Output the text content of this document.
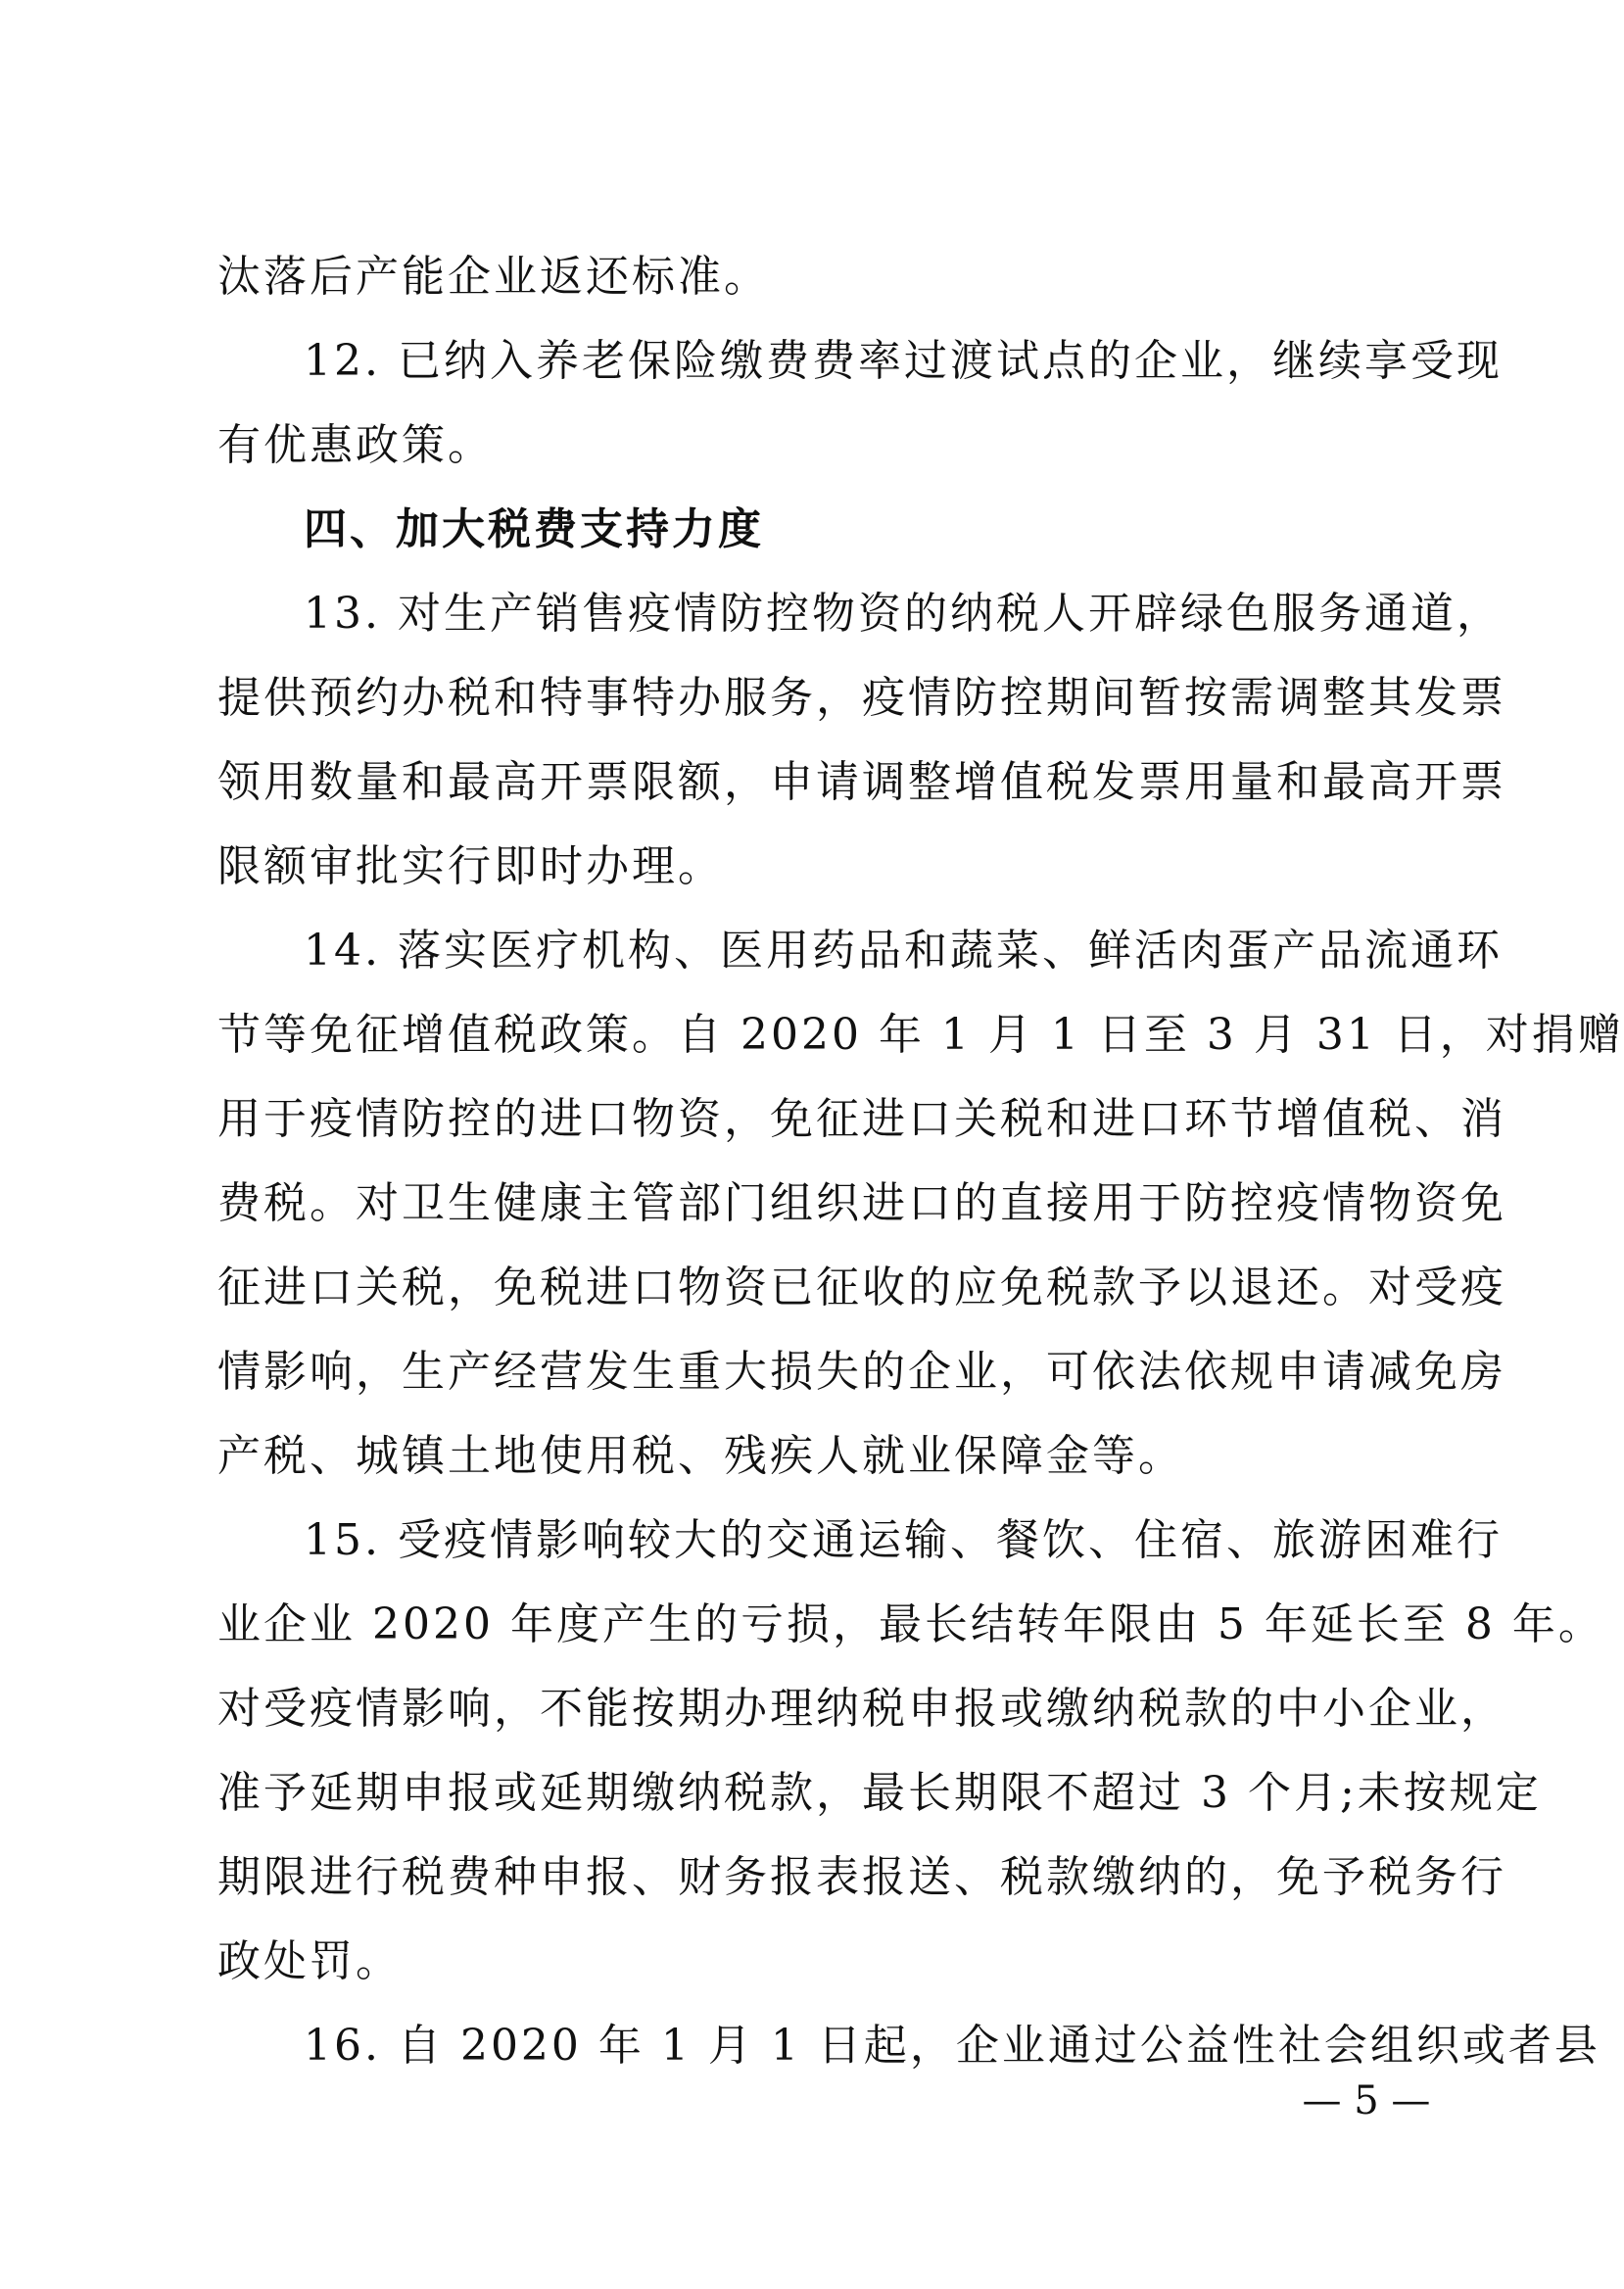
汰落后产能企业返还标准。
12. 已纳入养老保险缴费费率过渡试点的企业，继续享受现
有优惠政策。
四、加大税费支持力度
13. 对生产销售疫情防控物资的纳税人开辟绿色服务通道，
提供预约办税和特事特办服务，疫情防控期间暂按需调整其发票
领用数量和最高开票限额，申请调整增值税发票用量和最高开票
限额审批实行即时办理。
14. 落实医疗机构、医用药品和蔬菜、鲜活肉蛋产品流通环
节等免征增值税政策。自 2020 年 1 月 1 日至 3 月 31 日，对捐赠
用于疫情防控的进口物资，免征进口关税和进口环节增值税、消
费税。对卫生健康主管部门组织进口的直接用于防控疫情物资免
征进口关税，免税进口物资已征收的应免税款予以退还。对受疫
情影响，生产经营发生重大损失的企业，可依法依规申请减免房
产税、城镇土地使用税、残疾人就业保障金等。
15. 受疫情影响较大的交通运输、餐饮、住宿、旅游困难行
业企业 2020 年度产生的亏损，最长结转年限由 5 年延长至 8 年。
对受疫情影响，不能按期办理纳税申报或缴纳税款的中小企业，
准予延期申报或延期缴纳税款，最长期限不超过 3 个月;未按规定
期限进行税费种申报、财务报表报送、税款缴纳的，免予税务行
政处罚。
16. 自 2020 年 1 月 1 日起，企业通过公益性社会组织或者县
— 5 —
